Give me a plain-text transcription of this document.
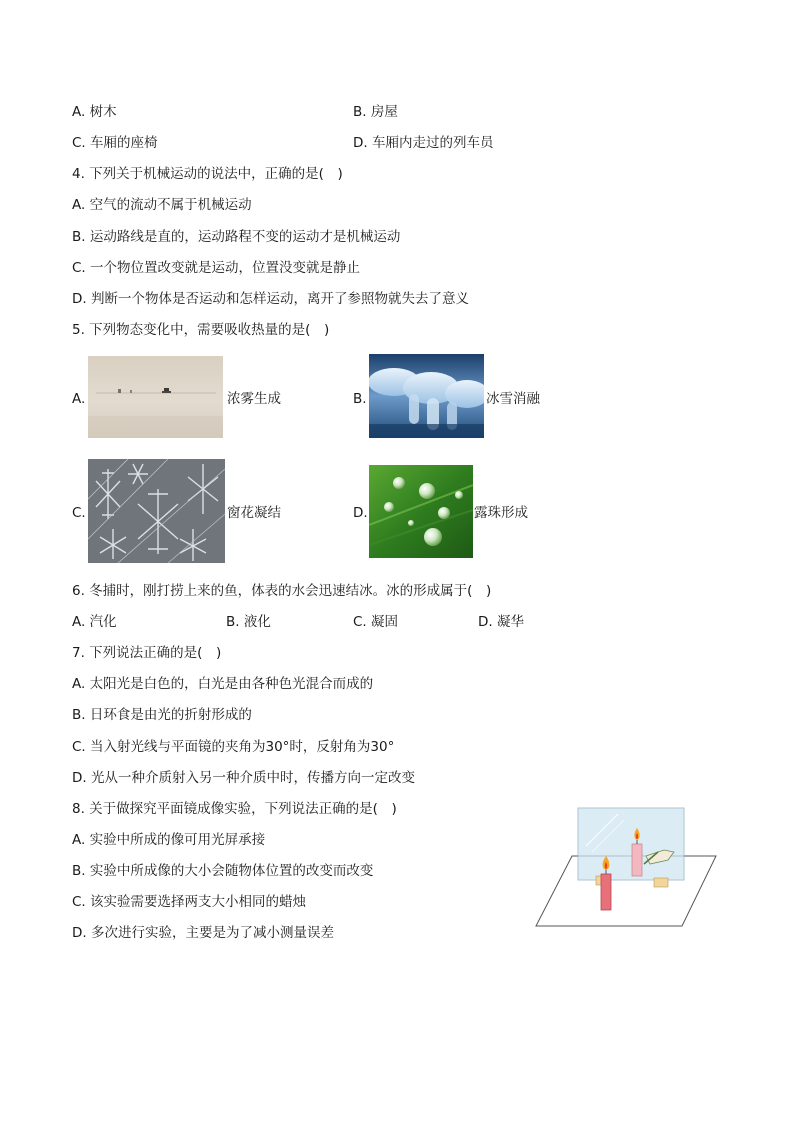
A. 树木	B. 房屋
C. 车厢的座椅	D. 车厢内走过的列车员
4. 下列关于机械运动的说法中，正确的是(　)
A. 空气的流动不属于机械运动
B. 运动路线是直的，运动路程不变的运动才是机械运动
C. 一个物位置改变就是运动，位置没变就是静止
D. 判断一个物体是否运动和怎样运动，离开了参照物就失去了意义
5. 下列物态变化中，需要吸收热量的是(　)
A.	浓雾生成	B.	冰雪消融
C.	窗花凝结	D.	露珠形成
6. 冬捕时，刚打捞上来的鱼，体表的水会迅速结冰。冰的形成属于(　)
A. 汽化	B. 液化	C. 凝固	D. 凝华
7. 下列说法正确的是(　)
A. 太阳光是白色的，白光是由各种色光混合而成的
B. 日环食是由光的折射形成的
C. 当入射光线与平面镜的夹角为30°时，反射角为30°
D. 光从一种介质射入另一种介质中时，传播方向一定改变
8. 关于做探究平面镜成像实验，下列说法正确的是(　)
A. 实验中所成的像可用光屏承接
B. 实验中所成像的大小会随物体位置的改变而改变
C. 该实验需要选择两支大小相同的蜡烛
D. 多次进行实验，主要是为了减小测量误差
